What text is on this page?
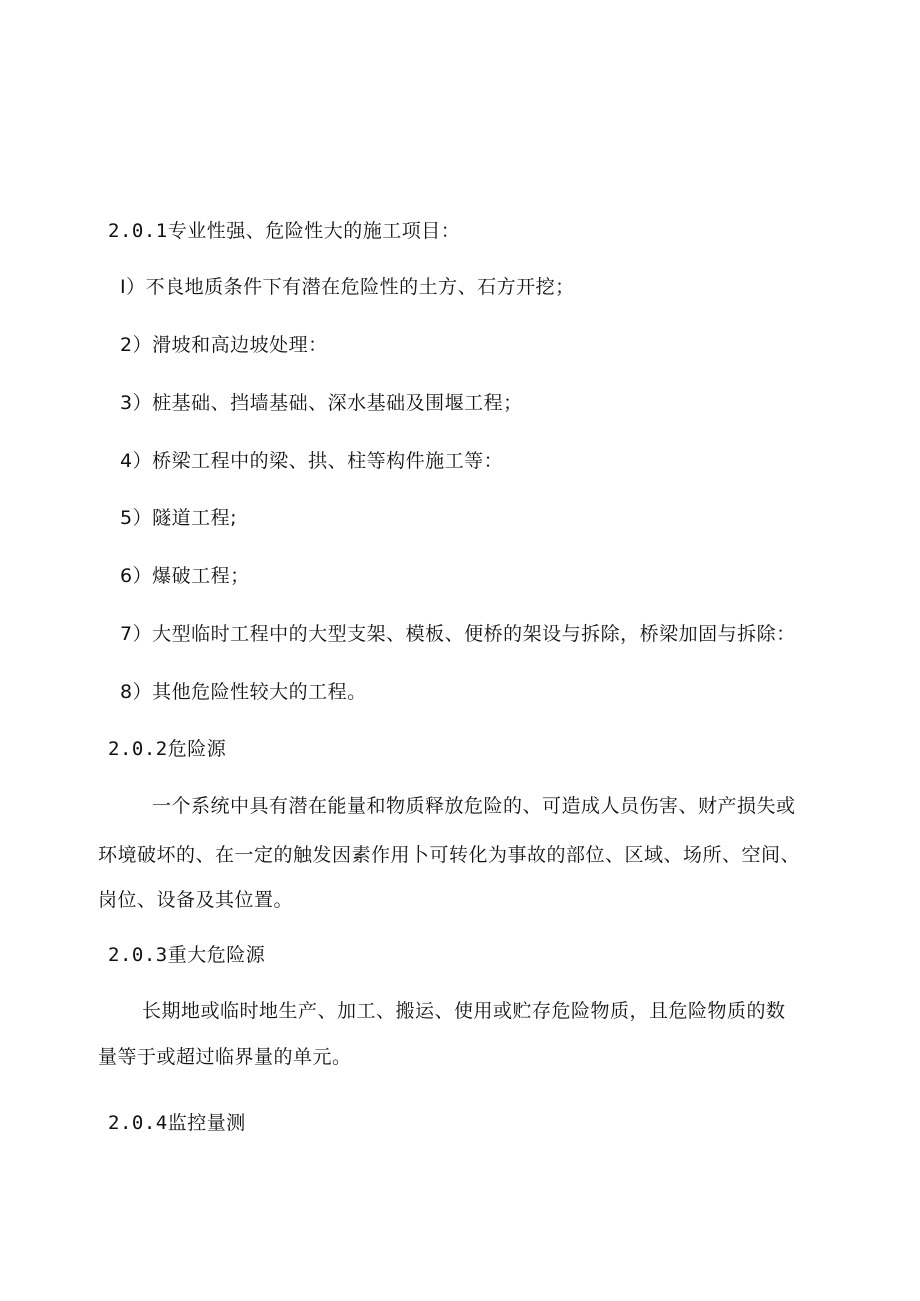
2.0.1专业性强、危险性大的施工项目：
I）不良地质条件下有潜在危险性的土方、石方开挖；
2）滑坡和高边坡处理：
3）桩基础、挡墙基础、深水基础及围堰工程；
4）桥梁工程中的梁、拱、柱等构件施工等：
5）隧道工程;
6）爆破工程；
7）大型临时工程中的大型支架、模板、便桥的架设与拆除，桥梁加固与拆除：
8）其他危险性较大的工程。
2.0.2危险源
一个系统中具有潜在能量和物质释放危险的、可造成人员伤害、财产损失或
环境破坏的、在一定的触发因素作用卜可转化为事故的部位、区域、场所、空间、
岗位、设备及其位置。
2.0.3重大危险源
长期地或临时地生产、加工、搬运、使用或贮存危险物质，且危险物质的数
量等于或超过临界量的单元。
2.0.4监控量测
